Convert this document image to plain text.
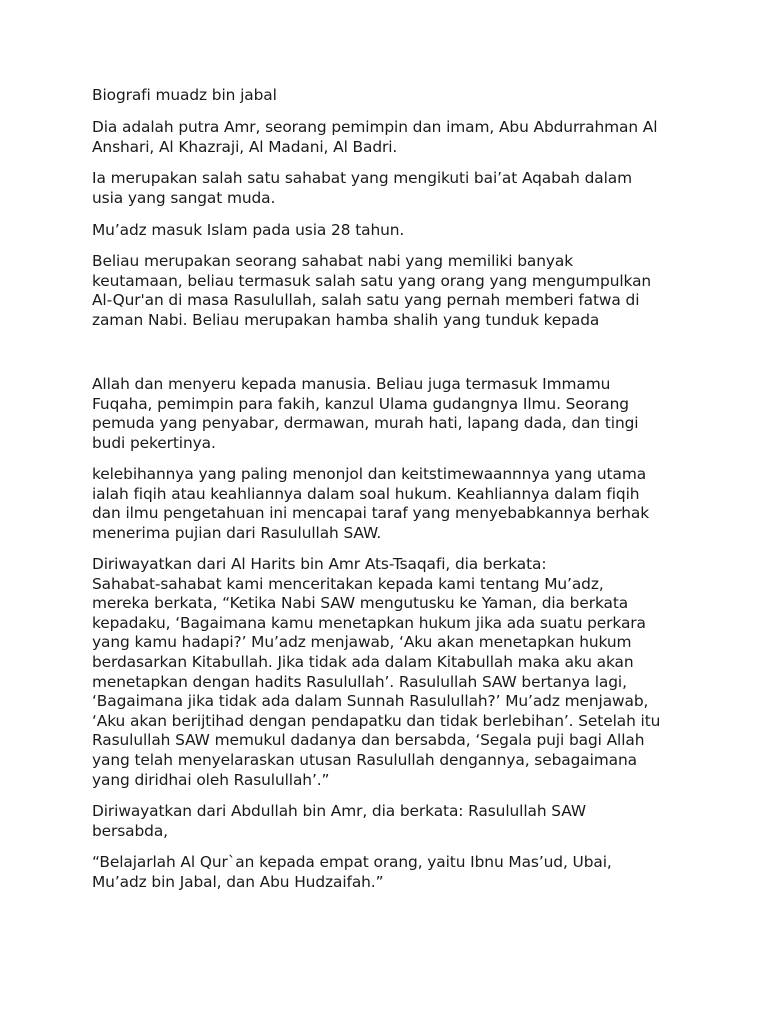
Biografi muadz bin jabal

Dia adalah putra Amr, seorang pemimpin dan imam, Abu Abdurrahman Al
Anshari, Al Khazraji, Al Madani, Al Badri.

Ia merupakan salah satu sahabat yang mengikuti bai’at Aqabah dalam
usia yang sangat muda.

Mu’adz masuk Islam pada usia 28 tahun.

Beliau merupakan seorang sahabat nabi yang memiliki banyak
keutamaan, beliau termasuk salah satu yang orang yang mengumpulkan
Al-Qur'an di masa Rasulullah, salah satu yang pernah memberi fatwa di
zaman Nabi. Beliau merupakan hamba shalih yang tunduk kepada

Allah dan menyeru kepada manusia. Beliau juga termasuk Immamu
Fuqaha, pemimpin para fakih, kanzul Ulama gudangnya Ilmu. Seorang
pemuda yang penyabar, dermawan, murah hati, lapang dada, dan tingi
budi pekertinya.

kelebihannya yang paling menonjol dan keitstimewaannnya yang utama
ialah fiqih atau keahliannya dalam soal hukum. Keahliannya dalam fiqih
dan ilmu pengetahuan ini mencapai taraf yang menyebabkannya berhak
menerima pujian dari Rasulullah SAW.

Diriwayatkan dari Al Harits bin Amr Ats-Tsaqafi, dia berkata:
Sahabat-sahabat kami menceritakan kepada kami tentang Mu’adz,
mereka berkata, “Ketika Nabi SAW mengutusku ke Yaman, dia berkata
kepadaku, ‘Bagaimana kamu menetapkan hukum jika ada suatu perkara
yang kamu hadapi?’ Mu’adz menjawab, ‘Aku akan menetapkan hukum
berdasarkan Kitabullah. Jika tidak ada dalam Kitabullah maka aku akan
menetapkan dengan hadits Rasulullah’. Rasulullah SAW bertanya lagi,
‘Bagaimana jika tidak ada dalam Sunnah Rasulullah?’ Mu’adz menjawab,
‘Aku akan berijtihad dengan pendapatku dan tidak berlebihan’. Setelah itu
Rasulullah SAW memukul dadanya dan bersabda, ‘Segala puji bagi Allah
yang telah menyelaraskan utusan Rasulullah dengannya, sebagaimana
yang diridhai oleh Rasulullah’.”

Diriwayatkan dari Abdullah bin Amr, dia berkata: Rasulullah SAW
bersabda,

“Belajarlah Al Qur`an kepada empat orang, yaitu Ibnu Mas’ud, Ubai,
Mu’adz bin Jabal, dan Abu Hudzaifah.”
